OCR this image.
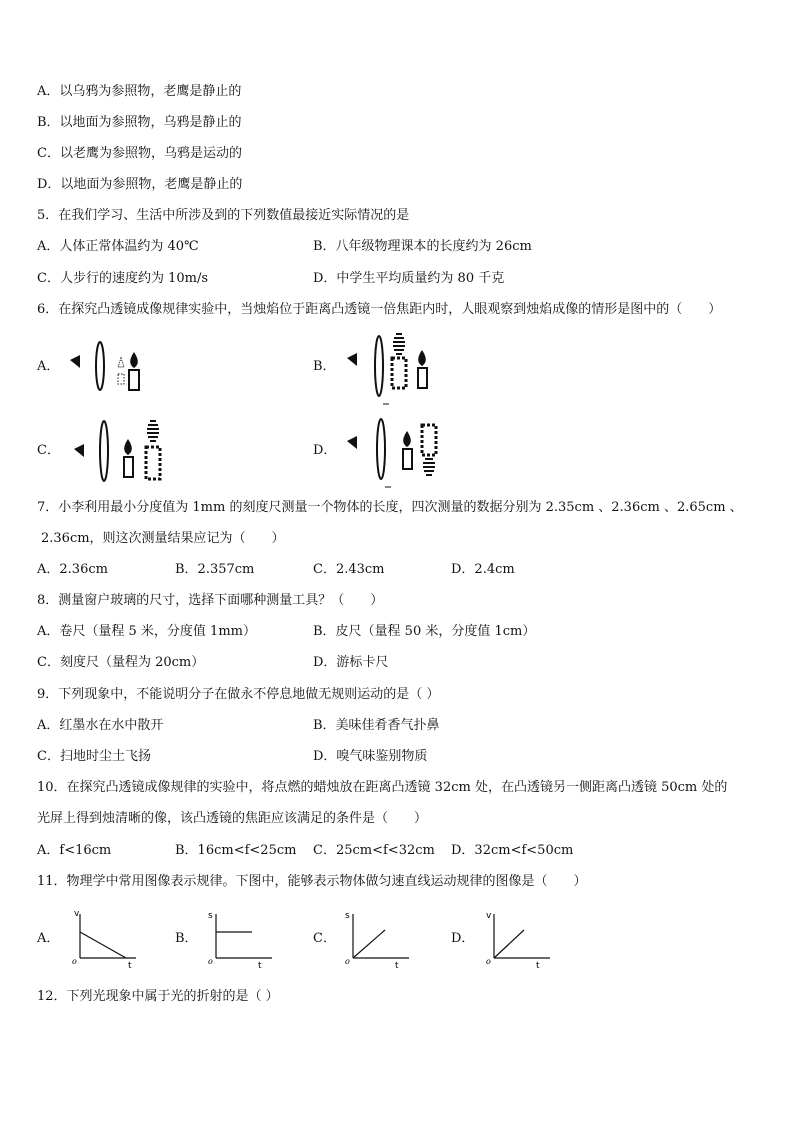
A．以乌鸦为参照物，老鹰是静止的
B．以地面为参照物，乌鸦是静止的
C．以老鹰为参照物，乌鸦是运动的
D．以地面为参照物，老鹰是静止的
5．在我们学习、生活中所涉及到的下列数值最接近实际情况的是
A．人体正常体温约为 40℃	B．八年级物理课本的长度约为 26cm
C．人步行的速度约为 10m/s	D．中学生平均质量约为 80 千克
6．在探究凸透镜成像规律实验中，当烛焰位于距离凸透镜一倍焦距内时，人眼观察到烛焰成像的情形是图中的（　　）
A．	B．
C．	D．
7．小李利用最小分度值为 1mm 的刻度尺测量一个物体的长度，四次测量的数据分别为 2.35cm 、2.36cm 、2.65cm 、
2.36cm，则这次测量结果应记为（　　）
A．2.36cm	B．2.357cm	C．2.43cm	D．2.4cm
8．测量窗户玻璃的尺寸，选择下面哪种测量工具？（　　）
A．卷尺（量程 5 米，分度值 1mm）	B．皮尺（量程 50 米，分度值 1cm）
C．刻度尺（量程为 20cm）	D．游标卡尺
9．下列现象中，不能说明分子在做永不停息地做无规则运动的是（ ）
A．红墨水在水中散开	B．美味佳肴香气扑鼻
C．扫地时尘土飞扬	D．嗅气味鉴别物质
10．在探究凸透镜成像规律的实验中，将点燃的蜡烛放在距离凸透镜 32cm 处，在凸透镜另一侧距离凸透镜 50cm 处的
光屏上得到烛清晰的像，该凸透镜的焦距应该满足的条件是（　　）
A．f<16cm	B．16cm<f<25cm C．25cm<f<32cm D．32cm<f<50cm
11．物理学中常用图像表示规律。下图中，能够表示物体做匀速直线运动规律的图像是（　　）
A．
v
t
o
B．
s
t
o
C．
s
t
o
D．
v
t
o
12．下列光现象中属于光的折射的是（ ）
